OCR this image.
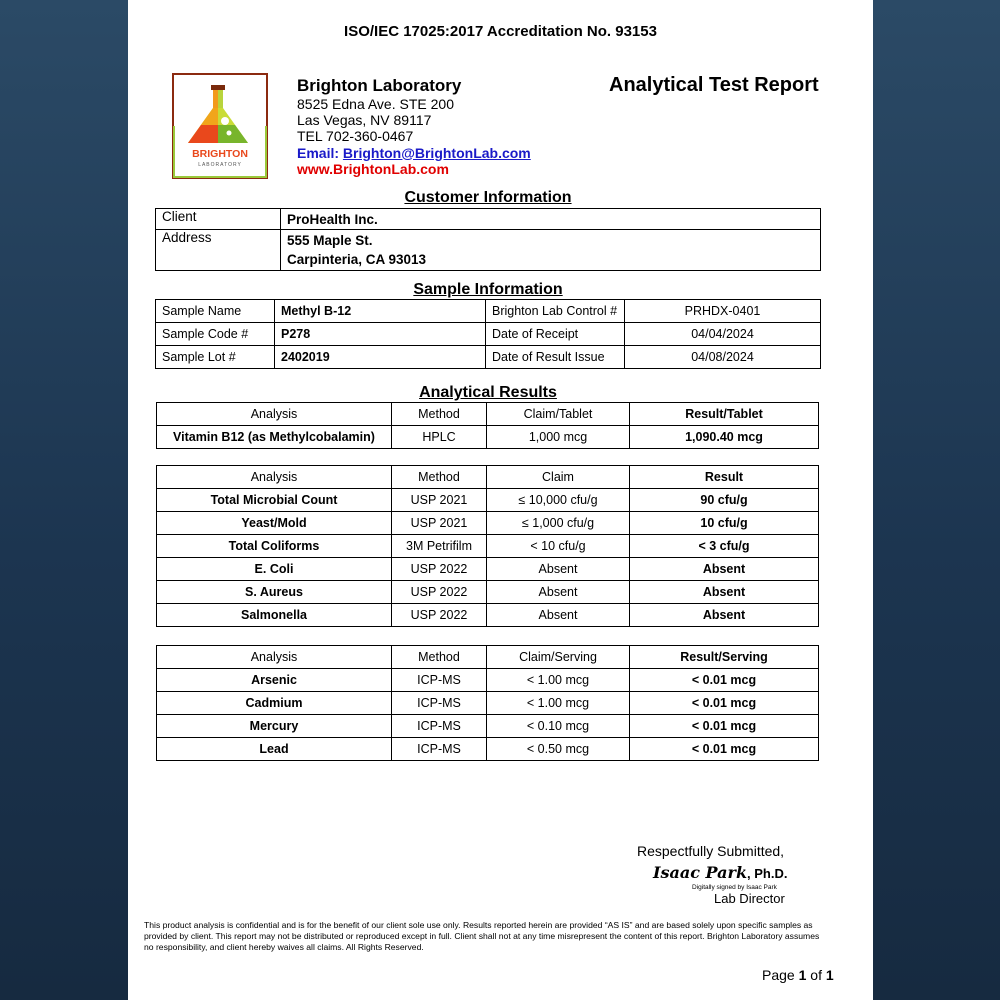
ISO/IEC 17025:2017 Accreditation No. 93153
BRIGHTON
LABORATORY
Brighton Laboratory
8525 Edna Ave. STE 200
Las Vegas, NV 89117
TEL 702-360-0467
Email: Brighton@BrightonLab.com
www.BrightonLab.com
Analytical Test Report
Customer Information
Client	ProHealth Inc.
Address	555 Maple St.
Carpinteria, CA 93013
Sample Information
Sample Name	Methyl B-12	Brighton Lab Control #	PRHDX-0401
Sample Code #	P278	Date of Receipt	04/04/2024
Sample Lot #	2402019	Date of Result Issue	04/08/2024
Analytical Results
Analysis	Method	Claim/Tablet	Result/Tablet
Vitamin B12 (as Methylcobalamin)	HPLC	1,000 mcg	1,090.40 mcg
Analysis	Method	Claim	Result
Total Microbial Count	USP 2021	≤ 10,000 cfu/g	90 cfu/g
Yeast/Mold	USP 2021	≤ 1,000 cfu/g	10 cfu/g
Total Coliforms	3M Petrifilm	< 10 cfu/g	< 3 cfu/g
E. Coli	USP 2022	Absent	Absent
S. Aureus	USP 2022	Absent	Absent
Salmonella	USP 2022	Absent	Absent
Analysis	Method	Claim/Serving	Result/Serving
Arsenic	ICP-MS	< 1.00 mcg	< 0.01 mcg
Cadmium	ICP-MS	< 1.00 mcg	< 0.01 mcg
Mercury	ICP-MS	< 0.10 mcg	< 0.01 mcg
Lead	ICP-MS	< 0.50 mcg	< 0.01 mcg
Respectfully Submitted,
Isaac Park, Ph.D.
Digitally signed by Isaac Park
Lab Director
This product analysis is confidential and is for the benefit of our client sole use only. Results reported herein are provided “AS IS” and are based solely upon specific samples as provided by client. This report may not be distributed or reproduced except in full. Client shall not at any time misrepresent the content of this report. Brighton Laboratory assumes no responsibility, and client hereby waives all claims. All Rights Reserved.
Page 1 of 1
